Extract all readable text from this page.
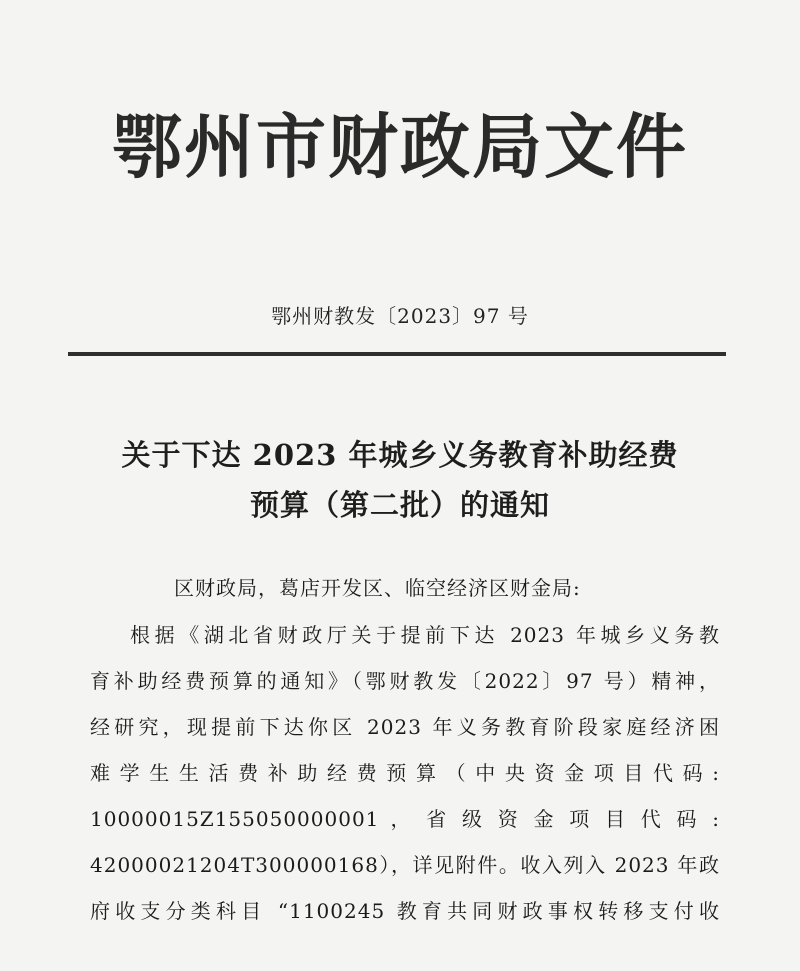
鄂州市财政局文件
鄂州财教发〔2023〕97 号
关于下达 2023 年城乡义务教育补助经费
预算（第二批）的通知
区财政局，葛店开发区、临空经济区财金局:
根据《湖北省财政厅关于提前下达 2023 年城乡义务教
育补助经费预算的通知》（鄂财教发〔2022〕97 号）精神，
经研究，现提前下达你区 2023 年义务教育阶段家庭经济困
难学生生活费补助经费预算（中央资金项目代码:
10000015Z155050000001 ， 省 级 资 金 项 目 代 码 :
42000021204T300000168），详见附件。收入列入 2023 年政
府收支分类科目 “1100245 教育共同财政事权转移支付收
